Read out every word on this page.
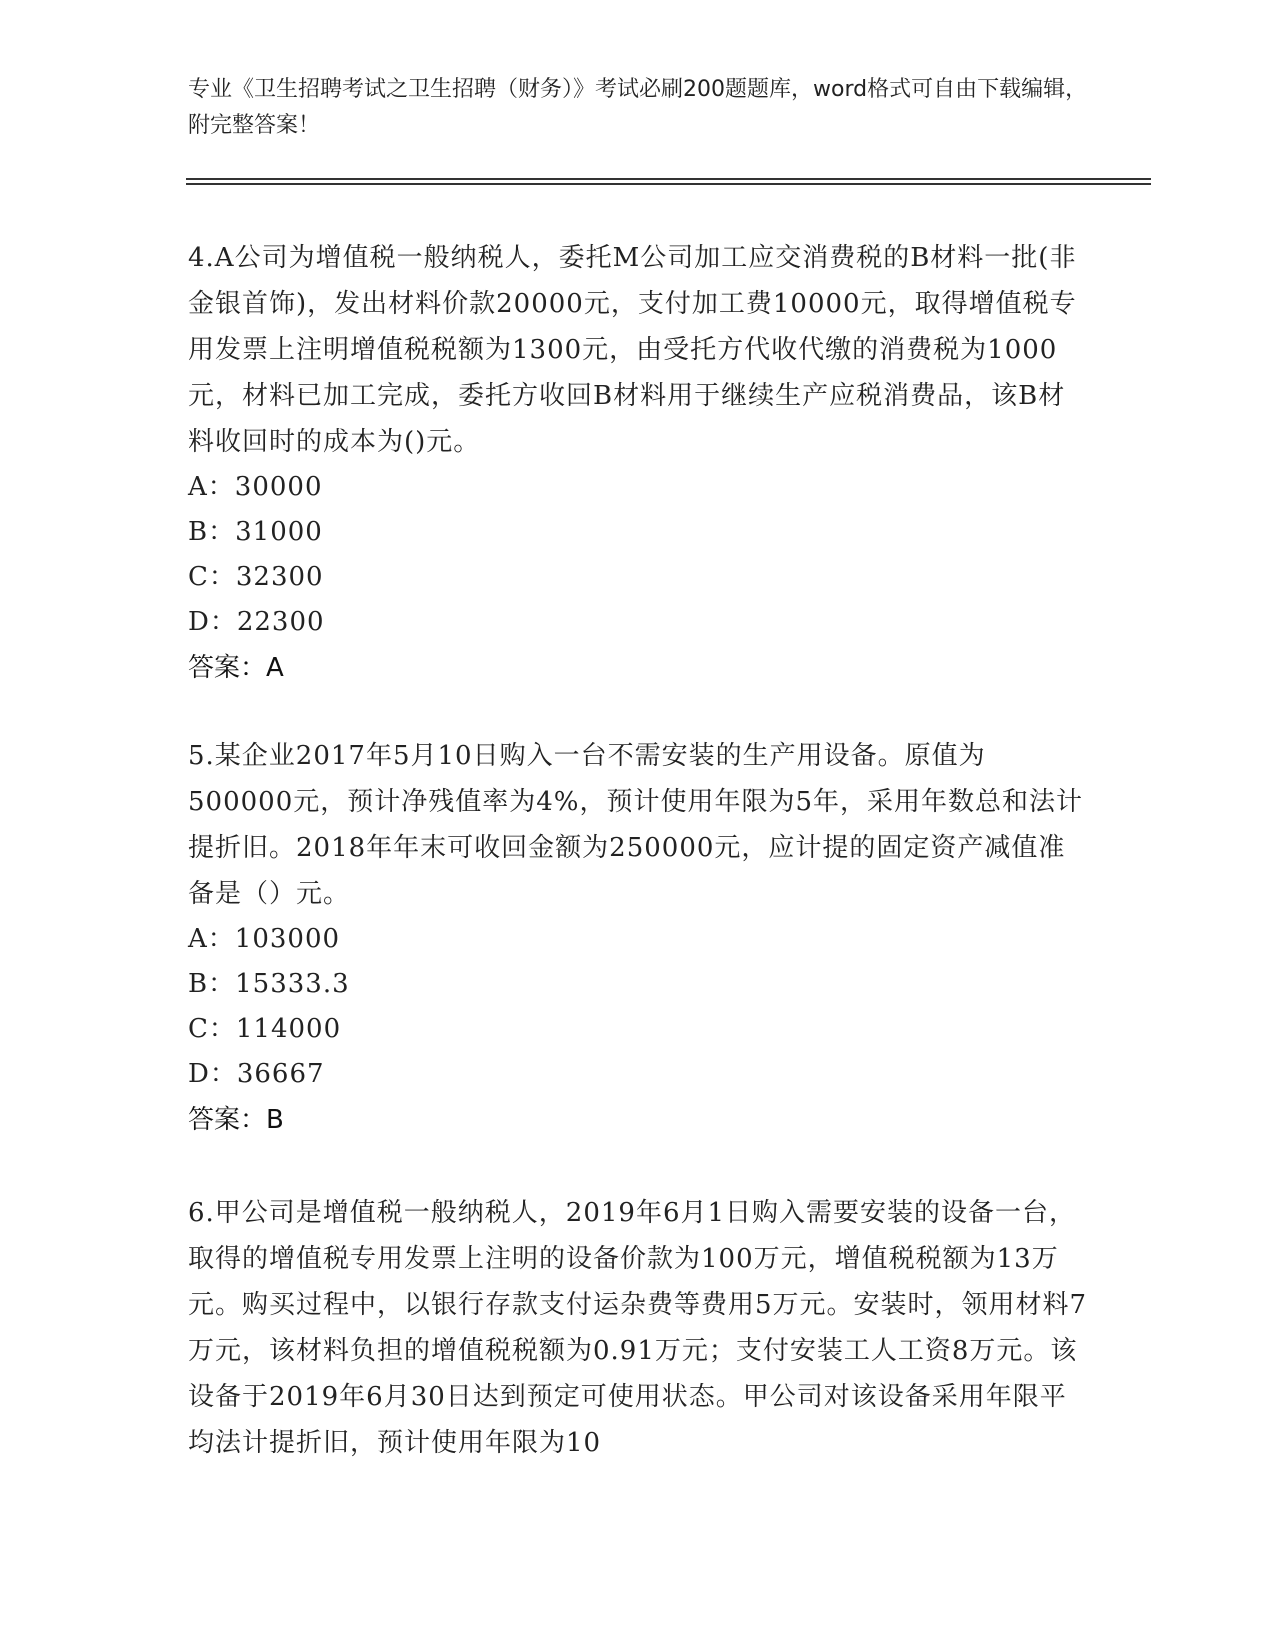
专业《卫生招聘考试之卫生招聘（财务）》考试必刷200题题库，word格式可自由下载编辑，附完整答案！

4.A公司为增值税一般纳税人，委托M公司加工应交消费税的B材料一批(非金银首饰)，发出材料价款20000元，支付加工费10000元，取得增值税专用发票上注明增值税税额为1300元，由受托方代收代缴的消费税为1000元，材料已加工完成，委托方收回B材料用于继续生产应税消费品，该B材料收回时的成本为()元。

A：30000
B：31000
C：32300
D：22300
答案：A

5.某企业2017年5月10日购入一台不需安装的生产用设备。原值为500000元，预计净残值率为4%，预计使用年限为5年，采用年数总和法计提折旧。2018年年末可收回金额为250000元，应计提的固定资产减值准备是（）元。

A：103000
B：15333.3
C：114000
D：36667
答案：B

6.甲公司是增值税一般纳税人，2019年6月1日购入需要安装的设备一台，取得的增值税专用发票上注明的设备价款为100万元，增值税税额为13万元。购买过程中，以银行存款支付运杂费等费用5万元。安装时，领用材料7万元，该材料负担的增值税税额为0.91万元；支付安装工人工资8万元。该设备于2019年6月30日达到预定可使用状态。甲公司对该设备采用年限平均法计提折旧，预计使用年限为10
